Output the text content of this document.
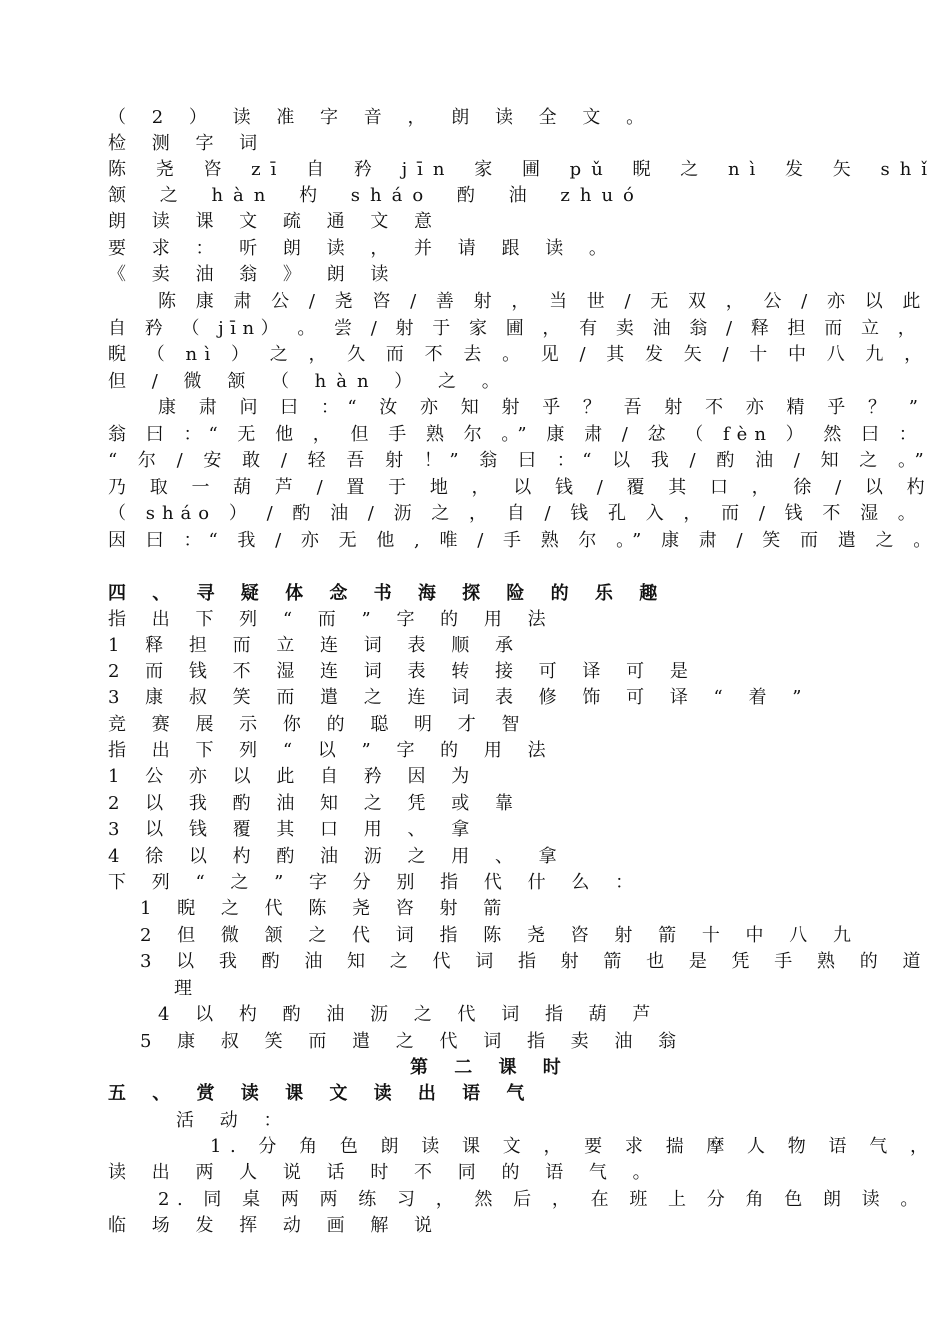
（ 2 ） 读 准 字 音 ， 朗 读 全 文 。
检 测 字 词
陈 尧 咨 zī 自 矜 jīn 家 圃 pǔ 睨 之 nì 发 矢 shǐ
颔 之 hàn 杓 sháo 酌 油 zhuó
朗 读 课 文 疏 通 文 意
要 求 ： 听 朗 读 ， 并 请 跟 读 。
《 卖 油 翁 》 朗 读
陈 康 肃 公 / 尧 咨 / 善 射 ， 当 世 / 无 双 ， 公 / 亦 以 此
自 矜 （ jīn） 。 尝 / 射 于 家 圃 ， 有 卖 油 翁 / 释 担 而 立 ，
睨 （ nì ） 之 ， 久 而 不 去 。 见 / 其 发 矢 / 十 中 八 九 ，
但 / 微 颔 （ hàn ） 之 。
康 肃 问 曰 ：“ 汝 亦 知 射 乎 ？ 吾 射 不 亦 精 乎 ？ ”
翁 曰 ：“ 无 他 ， 但 手 熟 尔 。” 康 肃 / 忿 （ fèn ） 然 曰 ：
“ 尔 / 安 敢 / 轻 吾 射 ！” 翁 曰 ：“ 以 我 / 酌 油 / 知 之 。”
乃 取 一 葫 芦 / 置 于 地 ， 以 钱 / 覆 其 口 ， 徐 / 以 杓
（ sháo ） / 酌 油 / 沥 之 ， 自 / 钱 孔 入 ， 而 / 钱 不 湿 。
因 曰 ：“ 我 / 亦 无 他 , 唯 / 手 熟 尔 。” 康 肃 / 笑 而 遣 之 。
四 、 寻 疑 体 念 书 海 探 险 的 乐 趣
指 出 下 列 “ 而 ” 字 的 用 法
1 释 担 而 立 连 词 表 顺 承
2 而 钱 不 湿 连 词 表 转 接 可 译 可 是
3 康 叔 笑 而 遣 之 连 词 表 修 饰 可 译 “ 着 ”
竞 赛 展 示 你 的 聪 明 才 智
指 出 下 列 “ 以 ” 字 的 用 法
1 公 亦 以 此 自 矜 因 为
2 以 我 酌 油 知 之 凭 或 靠
3 以 钱 覆 其 口 用 、 拿
4 徐 以 杓 酌 油 沥 之 用 、 拿
下 列 “ 之 ” 字 分 别 指 代 什 么 ：
1 睨 之 代 陈 尧 咨 射 箭
2 但 微 颔 之 代 词 指 陈 尧 咨 射 箭 十 中 八 九
3 以 我 酌 油 知 之 代 词 指 射 箭 也 是 凭 手 熟 的 道
理
4 以 杓 酌 油 沥 之 代 词 指 葫 芦
5 康 叔 笑 而 遣 之 代 词 指 卖 油 翁
第 二 课 时
五 、 赏 读 课 文 读 出 语 气
活 动 ：
1. 分 角 色 朗 读 课 文 ， 要 求 揣 摩 人 物 语 气 ，
读 出 两 人 说 话 时 不 同 的 语 气 。
2. 同 桌 两 两 练 习 ， 然 后 ， 在 班 上 分 角 色 朗 读 。
临 场 发 挥 动 画 解 说
